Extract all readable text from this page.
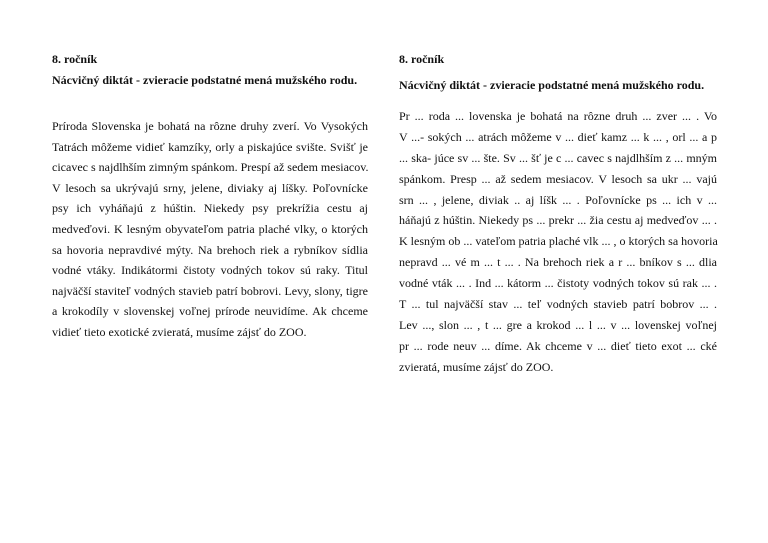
8. ročník
Nácvičný diktát - zvieracie podstatné mená mužského rodu.
Príroda Slovenska je bohatá na rôzne druhy zverí. Vo Vysokých
Tatrách môžeme vidieť kamzíky, orly a piskajúce svište. Svišť je
cicavec s najdlhším zimným spánkom. Prespí až sedem mesiacov.
V lesoch sa ukrývajú srny, jelene, diviaky aj líšky. Poľovnícke
psy ich vyháňajú z húštin. Niekedy psy prekrížia cestu aj
medveďovi. K lesným obyvateľom patria plaché vlky, o ktorých
sa hovoria nepravdivé mýty. Na brehoch riek a rybníkov sídlia
vodné vtáky. Indikátormi čistoty vodných tokov sú raky. Titul
najväčší staviteľ vodných stavieb patrí bobrovi. Levy, slony, tigre
a krokodíly v slovenskej voľnej prírode neuvidíme. Ak chceme
vidieť tieto exotické zvieratá, musíme zájsť do ZOO.
8. ročník
Nácvičný diktát - zvieracie podstatné mená mužského rodu.
Pr ... roda ... lovenska je bohatá na rôzne druh ... zver ... . Vo
V ...- sokých ... atrách môžeme v ... dieť kamz ... k ... , orl ... a p
... ska- júce sv ... šte. Sv ... šť je c ... cavec s najdlhším z ... mným
spánkom. Presp ... až sedem mesiacov. V lesoch sa ukr ... vajú
srn ... , jelene, diviak .. aj líšk ... . Poľovnícke ps ... ich v ...
háňajú z húštin. Niekedy ps ... prekr ... žia cestu aj medveďov ... .
K lesným ob ... vateľom patria plaché vlk ... , o ktorých sa hovoria
nepravd ... vé m ... t ... . Na brehoch riek a r ... bníkov s ... dlia
vodné vták ... . Ind ... kátorm ... čistoty vodných tokov sú rak ... .
T ... tul najväčší stav ... teľ vodných stavieb patrí bobrov ... .
Lev ..., slon ... , t ... gre a krokod ... l ... v ... lovenskej voľnej
pr ... rode neuv ... díme. Ak chceme v ... dieť tieto exot ... cké
zvieratá, musíme zájsť do ZOO.
